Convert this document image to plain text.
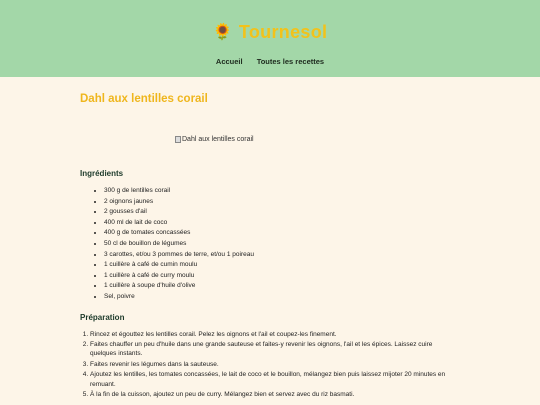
🌻 Tournesol
Accueil Toutes les recettes
Dahl aux lentilles corail
Dahl aux lentilles corail
Ingrédients
• 300 g de lentilles corail
• 2 oignons jaunes
• 2 gousses d'ail
• 400 ml de lait de coco
• 400 g de tomates concassées
• 50 cl de bouillon de légumes
• 3 carottes, et/ou 3 pommes de terre, et/ou 1 poireau
• 1 cuillère à café de cumin moulu
• 1 cuillère à café de curry moulu
• 1 cuillère à soupe d'huile d'olive
• Sel, poivre
Préparation
1. Rincez et égouttez les lentilles corail. Pelez les oignons et l'ail et coupez-les finement.
2. Faites chauffer un peu d'huile dans une grande sauteuse et faites-y revenir les oignons, l'ail et les épices. Laissez cuire quelques instants.
3. Faites revenir les légumes dans la sauteuse.
4. Ajoutez les lentilles, les tomates concassées, le lait de coco et le bouillon, mélangez bien puis laissez mijoter 20 minutes en remuant.
5. À la fin de la cuisson, ajoutez un peu de curry. Mélangez bien et servez avec du riz basmati.
